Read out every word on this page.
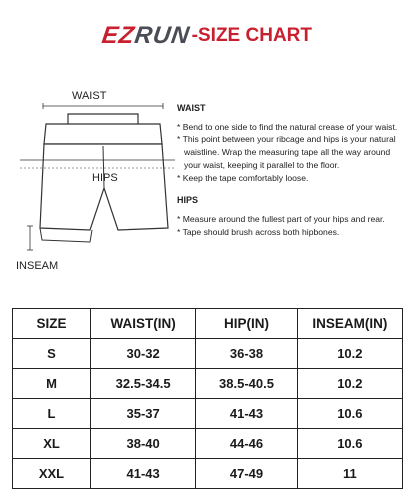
EZRUN-SIZE CHART
WAIST
HIPS
INSEAM
WAIST

* Bend to one side to find the natural crease of your waist.

* This point between your ribcage and hips is your natural

waistline. Wrap the measuring tape all the way around

your waist, keeping it parallel to the floor.

* Keep the tape comfortably loose.

HIPS

* Measure around the fullest part of your hips and rear.

* Tape should brush across both hipbones.

SIZE	WAIST(IN)	HIP(IN)	INSEAM(IN)
S	30-32	36-38	10.2
M	32.5-34.5	38.5-40.5	10.2
L	35-37	41-43	10.6
XL	38-40	44-46	10.6
XXL	41-43	47-49	11
